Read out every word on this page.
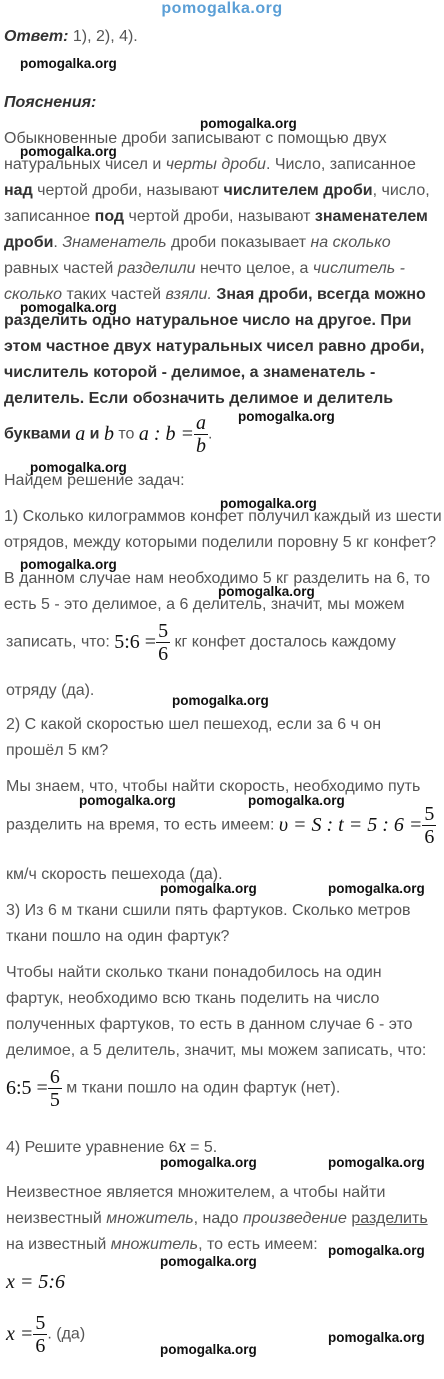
pomogalka.org
Ответ: 1), 2), 4).
Пояснения:
Обыкновенные дроби записывают с помощью двух
натуральных чисел и черты дроби. Число, записанное
над чертой дроби, называют числителем дроби, число,
записанное под чертой дроби, называют знаменателем
дроби. Знаменатель дроби показывает на сколько
равных частей разделили нечто целое, а числитель -
сколько таких частей взяли. Зная дроби, всегда можно
разделить одно натуральное число на другое. При
этом частное двух натуральных чисел равно дроби,
числитель которой - делимое, а знаменатель -
делитель. Если обозначить делимое и делитель
буквами a и b то a : $b = \frac{a}{b}$ .
Найдем решение задач:
1) Сколько килограммов конфет получил каждый из шести
отрядов, между которыми поделили поровну 5 кг конфет?
В данном случае нам необходимо 5 кг разделить на 6, то
есть 5 - это делимое, а 6 делитель, значит, мы можем
записать, что: 5:6 = $\frac{5}{6}$ кг конфет досталось каждому
отряду (да).
2) С какой скоростью шел пешеход, если за 6 ч он
прошёл 5 км?
Мы знаем, что, чтобы найти скорость, необходимо путь
разделить на время, то есть имеем: υ = S : t = 5 : $6 = \frac{5}{6}$
км/ч скорость пешехода (да).
3) Из 6 м ткани сшили пять фартуков. Сколько метров
ткани пошло на один фартук?
Чтобы найти сколько ткани понадобилось на один
фартук, необходимо всю ткань поделить на число
полученных фартуков, то есть в данном случае 6 - это
делимое, а 5 делитель, значит, мы можем записать, что:
6:5 = $\frac{6}{5}$ м ткани пошло на один фартук (нет).
4) Решите уравнение 6x = 5.
Неизвестное является множителем, а чтобы найти
неизвестный множитель, надо произведение разделить
на известный множитель, то есть имеем:
x = 5:6
$x = \frac{5}{6}$ . (да)
pomogalka.org
pomogalka.org
pomogalka.org
pomogalka.org
pomogalka.org
pomogalka.org
pomogalka.org
pomogalka.org
pomogalka.org
pomogalka.org
pomogalka.org	pomogalka.org
pomogalka.org	pomogalka.org
pomogalka.org	pomogalka.org
pomogalka.org
pomogalka.org
pomogalka.org
pomogalka.org
